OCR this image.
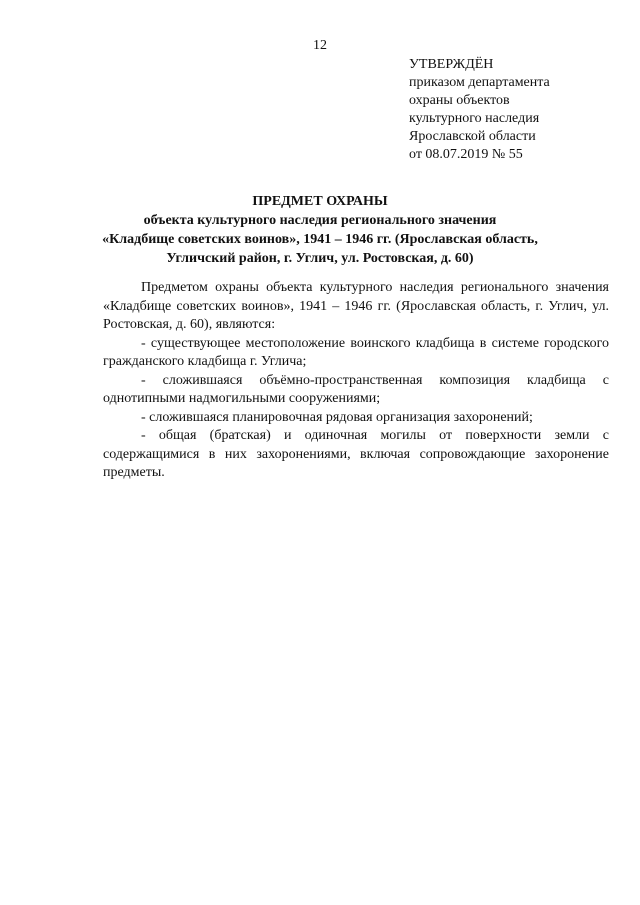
12
УТВЕРЖДЁН
приказом департамента
охраны объектов
культурного наследия
Ярославской области
от 08.07.2019 № 55
ПРЕДМЕТ ОХРАНЫ
объекта культурного наследия регионального значения
«Кладбище советских воинов», 1941 – 1946 гг. (Ярославская область,
Угличский район, г. Углич, ул. Ростовская, д. 60)

Предметом охраны объекта культурного наследия регионального значения «Кладбище советских воинов», 1941 – 1946 гг. (Ярославская область, г. Углич, ул. Ростовская, д. 60), являются:

- существующее местоположение воинского кладбища в системе городского гражданского кладбища г. Углича;

- сложившаяся объёмно-пространственная композиция кладбища с однотипными надмогильными сооружениями;

- сложившаяся планировочная рядовая организация захоронений;

- общая (братская) и одиночная могилы от поверхности земли с содержащимися в них захоронениями, включая сопровождающие захоронение предметы.
